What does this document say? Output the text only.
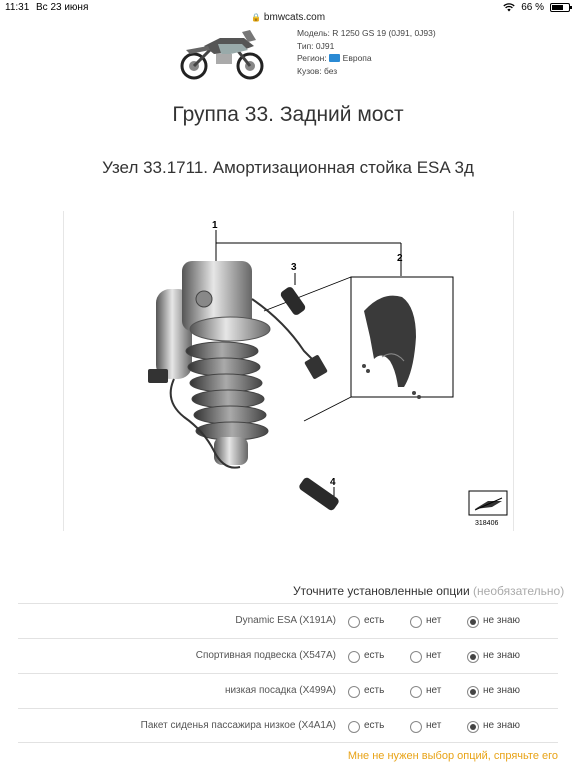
11:31 Вс 23 июня	66 %
🔒 bmwcats.com
Модель: R 1250 GS 19 (0J91, 0J93)
Тип: 0J91
Регион: Европа
Кузов: без
Группа 33. Задний мост
Узел 33.1711. Амортизационная стойка ESA 3д
1
2
3
4
318406
Уточните установленные опции (необязательно)
Dynamic ESA (X191A)	есть	нет	не знаю
Спортивная подвеска (X547A)	есть	нет	не знаю
низкая посадка (X499A)	есть	нет	не знаю
Пакет сиденья пассажира низкое (X4A1A)	есть	нет	не знаю
Мне не нужен выбор опций, спрячьте его
